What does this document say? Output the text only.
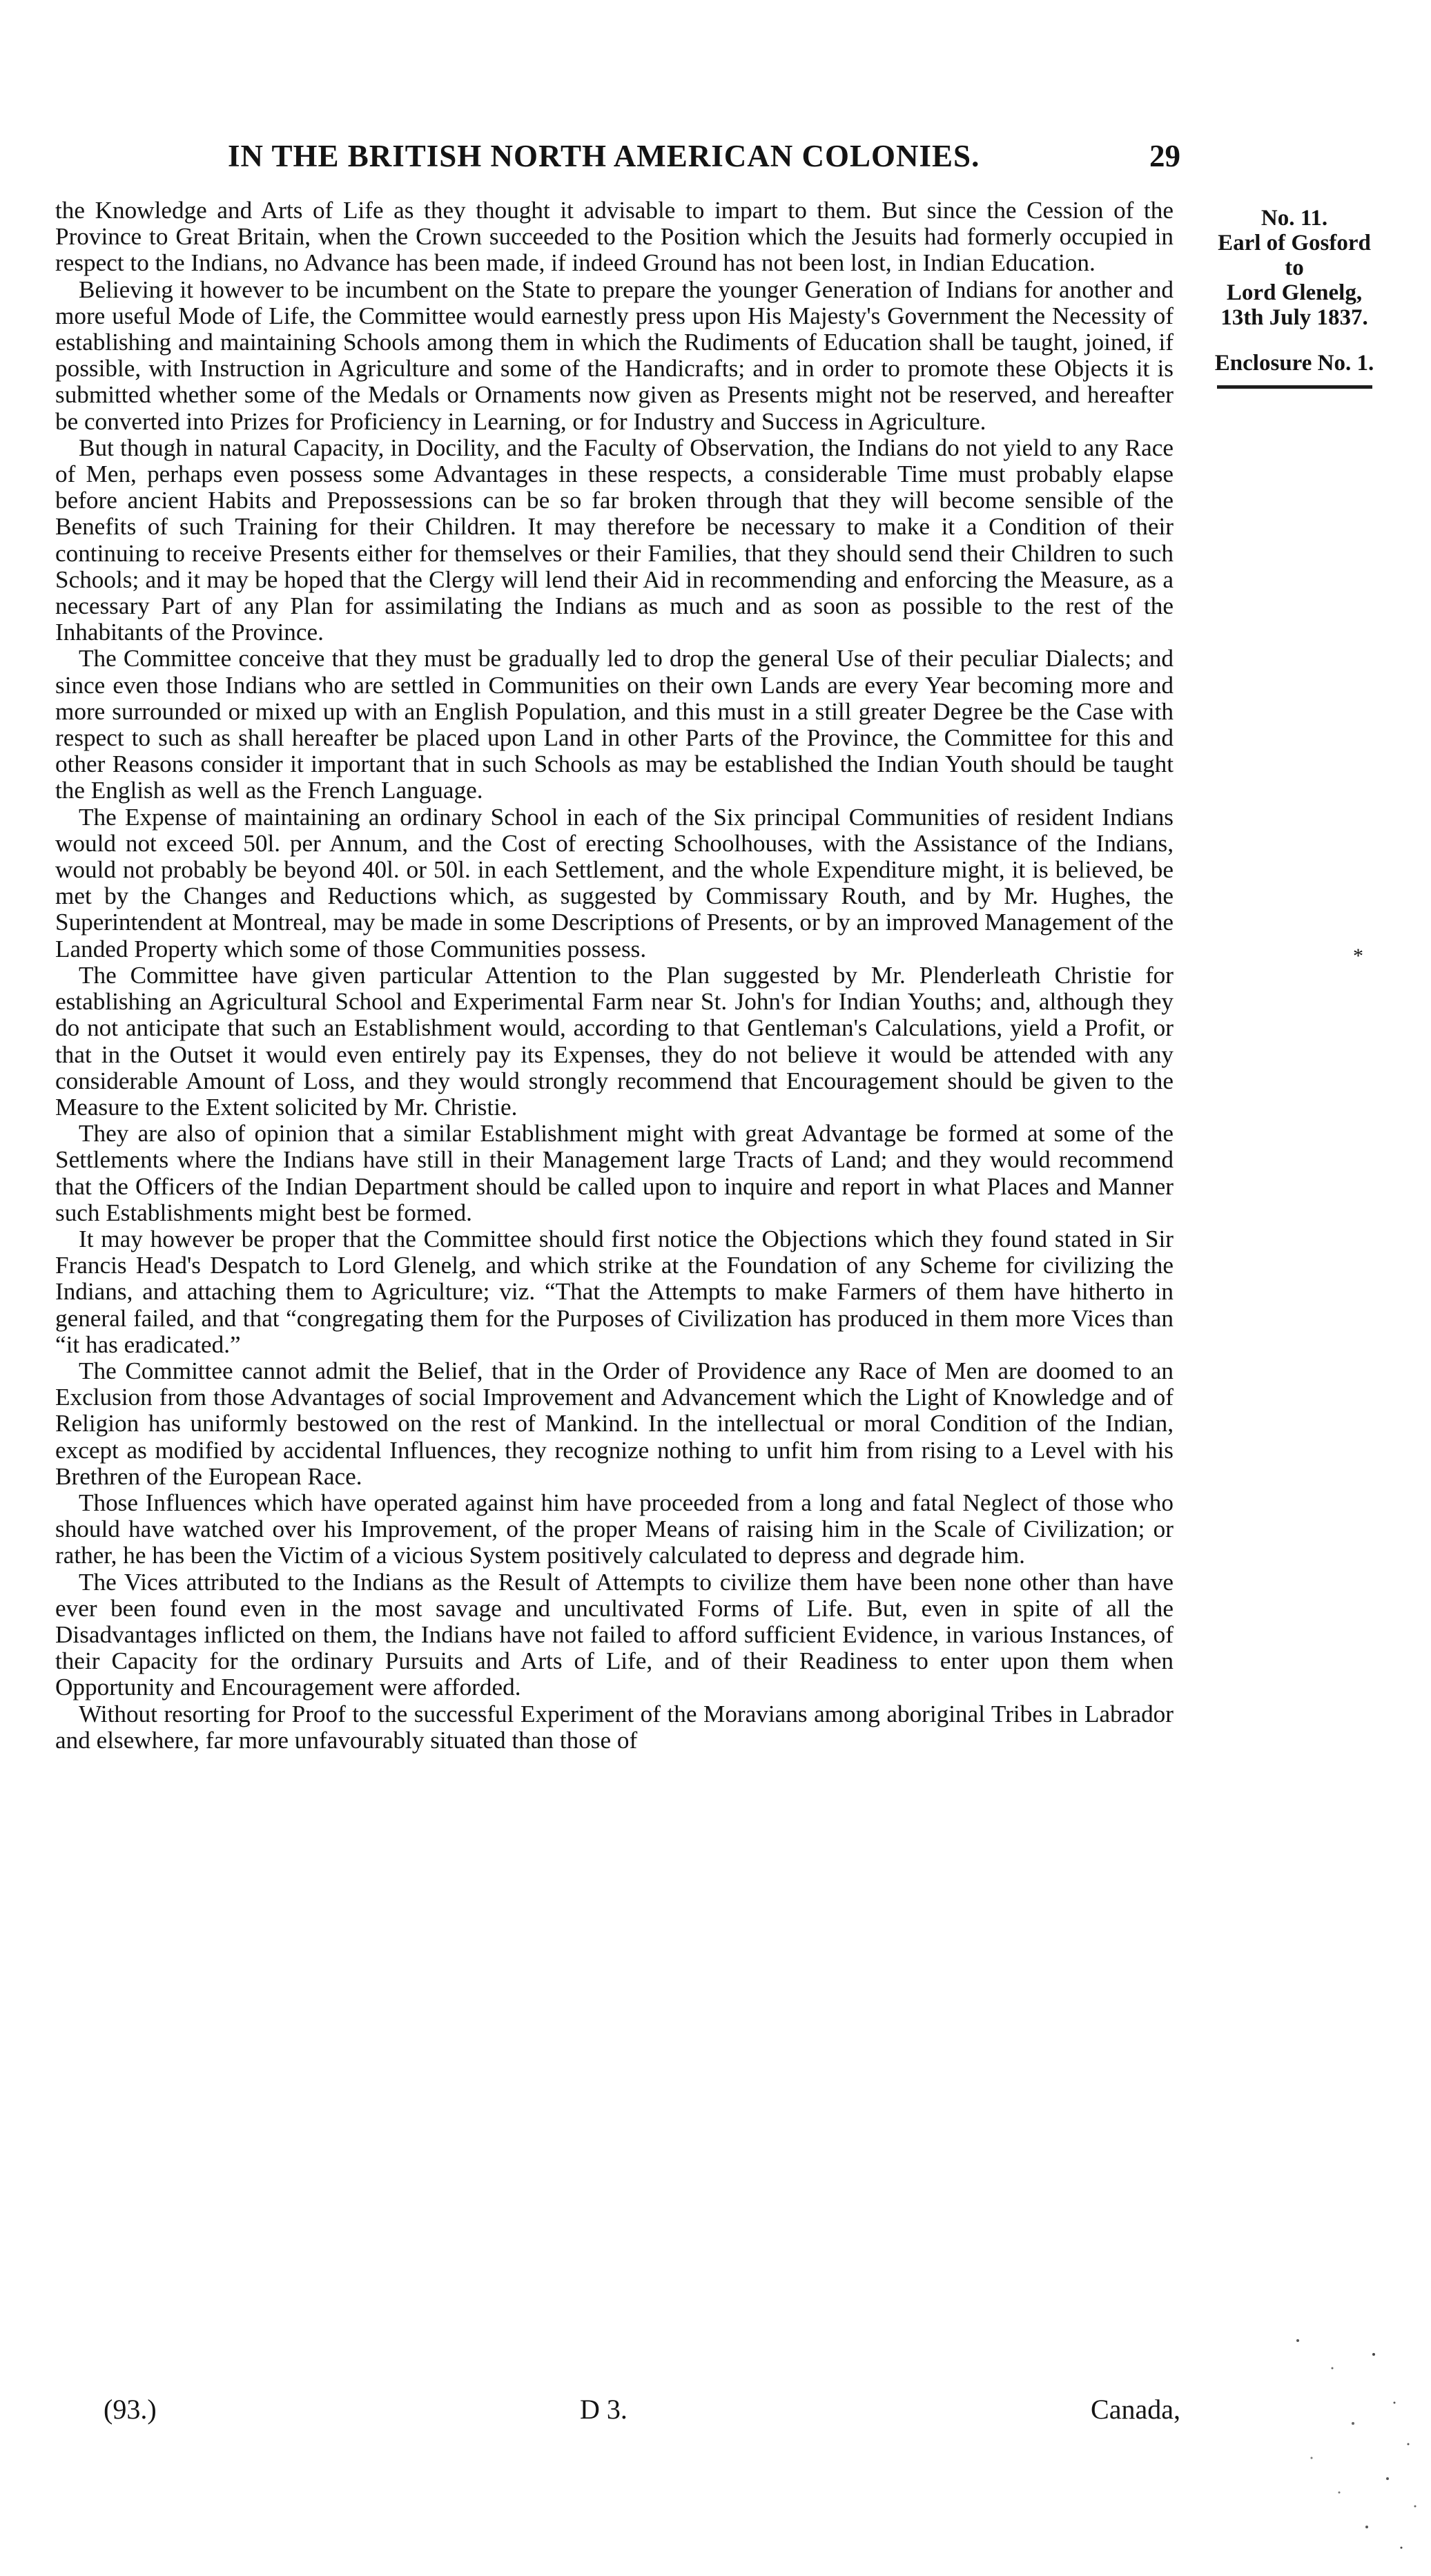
IN THE BRITISH NORTH AMERICAN COLONIES.	29

the Knowledge and Arts of Life as they thought it advisable to impart to them. But since the Cession of the Province to Great Britain, when the Crown succeeded to the Position which the Jesuits had formerly occupied in respect to the Indians, no Advance has been made, if indeed Ground has not been lost, in Indian Education.

Believing it however to be incumbent on the State to prepare the younger Generation of Indians for another and more useful Mode of Life, the Committee would earnestly press upon His Majesty's Government the Necessity of establishing and maintaining Schools among them in which the Rudiments of Education shall be taught, joined, if possible, with Instruction in Agriculture and some of the Handicrafts; and in order to promote these Objects it is submitted whether some of the Medals or Ornaments now given as Presents might not be reserved, and hereafter be converted into Prizes for Proficiency in Learning, or for Industry and Success in Agriculture.

But though in natural Capacity, in Docility, and the Faculty of Observation, the Indians do not yield to any Race of Men, perhaps even possess some Advantages in these respects, a considerable Time must probably elapse before ancient Habits and Prepossessions can be so far broken through that they will become sensible of the Benefits of such Training for their Children. It may therefore be necessary to make it a Condition of their continuing to receive Presents either for themselves or their Families, that they should send their Children to such Schools; and it may be hoped that the Clergy will lend their Aid in recommending and enforcing the Measure, as a necessary Part of any Plan for assimilating the Indians as much and as soon as possible to the rest of the Inhabitants of the Province.

The Committee conceive that they must be gradually led to drop the general Use of their peculiar Dialects; and since even those Indians who are settled in Communities on their own Lands are every Year becoming more and more surrounded or mixed up with an English Population, and this must in a still greater Degree be the Case with respect to such as shall hereafter be placed upon Land in other Parts of the Province, the Committee for this and other Reasons consider it important that in such Schools as may be established the Indian Youth should be taught the English as well as the French Language.

The Expense of maintaining an ordinary School in each of the Six principal Communities of resident Indians would not exceed 50l. per Annum, and the Cost of erecting Schoolhouses, with the Assistance of the Indians, would not probably be beyond 40l. or 50l. in each Settlement, and the whole Expenditure might, it is believed, be met by the Changes and Reductions which, as suggested by Commissary Routh, and by Mr. Hughes, the Superintendent at Montreal, may be made in some Descriptions of Presents, or by an improved Management of the Landed Property which some of those Communities possess.

The Committee have given particular Attention to the Plan suggested by Mr. Plenderleath Christie for establishing an Agricultural School and Experimental Farm near St. John's for Indian Youths; and, although they do not anticipate that such an Establishment would, according to that Gentleman's Calculations, yield a Profit, or that in the Outset it would even entirely pay its Expenses, they do not believe it would be attended with any considerable Amount of Loss, and they would strongly recommend that Encouragement should be given to the Measure to the Extent solicited by Mr. Christie.

They are also of opinion that a similar Establishment might with great Advantage be formed at some of the Settlements where the Indians have still in their Management large Tracts of Land; and they would recommend that the Officers of the Indian Department should be called upon to inquire and report in what Places and Manner such Establishments might best be formed.

It may however be proper that the Committee should first notice the Objections which they found stated in Sir Francis Head's Despatch to Lord Glenelg, and which strike at the Foundation of any Scheme for civilizing the Indians, and attaching them to Agriculture; viz. “That the Attempts to make Farmers of them have hitherto in general failed, and that “congregating them for the Purposes of Civilization has produced in them more Vices than “it has eradicated.”

The Committee cannot admit the Belief, that in the Order of Providence any Race of Men are doomed to an Exclusion from those Advantages of social Improvement and Advancement which the Light of Knowledge and of Religion has uniformly bestowed on the rest of Mankind. In the intellectual or moral Condition of the Indian, except as modified by accidental Influences, they recognize nothing to unfit him from rising to a Level with his Brethren of the European Race.

Those Influences which have operated against him have proceeded from a long and fatal Neglect of those who should have watched over his Improvement, of the proper Means of raising him in the Scale of Civilization; or rather, he has been the Victim of a vicious System positively calculated to depress and degrade him.

The Vices attributed to the Indians as the Result of Attempts to civilize them have been none other than have ever been found even in the most savage and uncultivated Forms of Life. But, even in spite of all the Disadvantages inflicted on them, the Indians have not failed to afford sufficient Evidence, in various Instances, of their Capacity for the ordinary Pursuits and Arts of Life, and of their Readiness to enter upon them when Opportunity and Encouragement were afforded.

Without resorting for Proof to the successful Experiment of the Moravians among aboriginal Tribes in Labrador and elsewhere, far more unfavourably situated than those of

No. 11.
Earl of Gosford
to
Lord Glenelg,
13th July 1837.
Enclosure No. 1.
*
(93.)	D 3.	Canada,
